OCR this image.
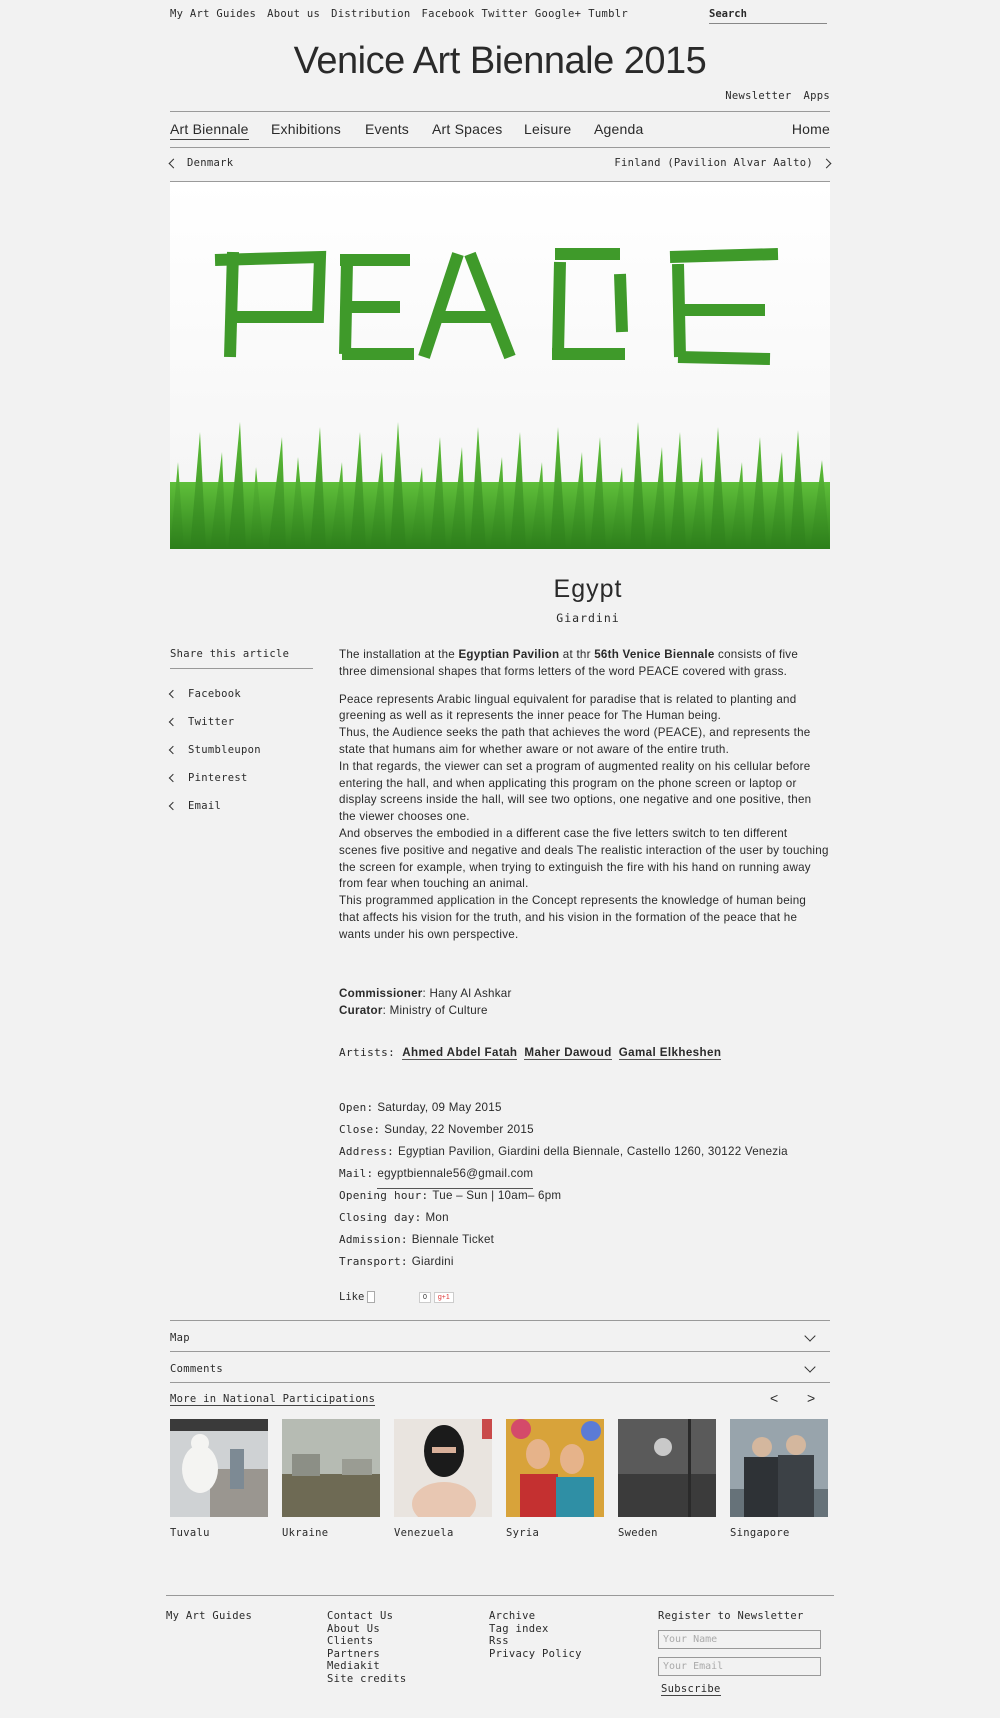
My Art Guides About us Distribution Facebook Twitter Google+ Tumblr	Search
Venice Art Biennale 2015
Newsletter Apps
Art Biennale Exhibitions Events Art Spaces Leisure Agenda	Home
Denmark	Finland (Pavilion Alvar Aalto)
Egypt
Giardini
Share this article
Facebook
Twitter
Stumbleupon
Pinterest
Email

The installation at the Egyptian Pavilion at thr 56th Venice Biennale consists of five three dimensional shapes that forms letters of the word PEACE covered with grass.

Peace represents Arabic lingual equivalent for paradise that is related to planting and greening as well as it represents the inner peace for The Human being.
Thus, the Audience seeks the path that achieves the word (PEACE), and represents the state that humans aim for whether aware or not aware of the entire truth.
In that regards, the viewer can set a program of augmented reality on his cellular before entering the hall, and when applicating this program on the phone screen or laptop or display screens inside the hall, will see two options, one negative and one positive, then the viewer chooses one.
And observes the embodied in a different case the five letters switch to ten different scenes five positive and negative and deals The realistic interaction of the user by touching the screen for example, when trying to extinguish the fire with his hand on running away from fear when touching an animal.
This programmed application in the Concept represents the knowledge of human being that affects his vision for the truth, and his vision in the formation of the peace that he wants under his own perspective.

Commissioner: Hany Al Ashkar
Curator: Ministry of Culture
Artists: Ahmed Abdel Fatah Maher Dawoud Gamal Elkheshen
Open: Saturday, 09 May 2015
Close: Sunday, 22 November 2015
Address: Egyptian Pavilion, Giardini della Biennale, Castello 1260, 30122 Venezia
Mail: egyptbiennale56@gmail.com
Opening hour: Tue – Sun | 10am– 6pm
Closing day: Mon
Admission: Biennale Ticket
Transport: Giardini
Like	0	g+1
Map
Comments
More in National Participations	< >
Tuvalu	Ukraine	Venezuela	Syria	Sweden	Singapore
My Art Guides	Contact Us
About Us
Clients
Partners
Mediakit
Site credits
Archive
Tag index
Rss
Privacy Policy
Register to Newsletter
Your Name
Your Email
Subscribe
